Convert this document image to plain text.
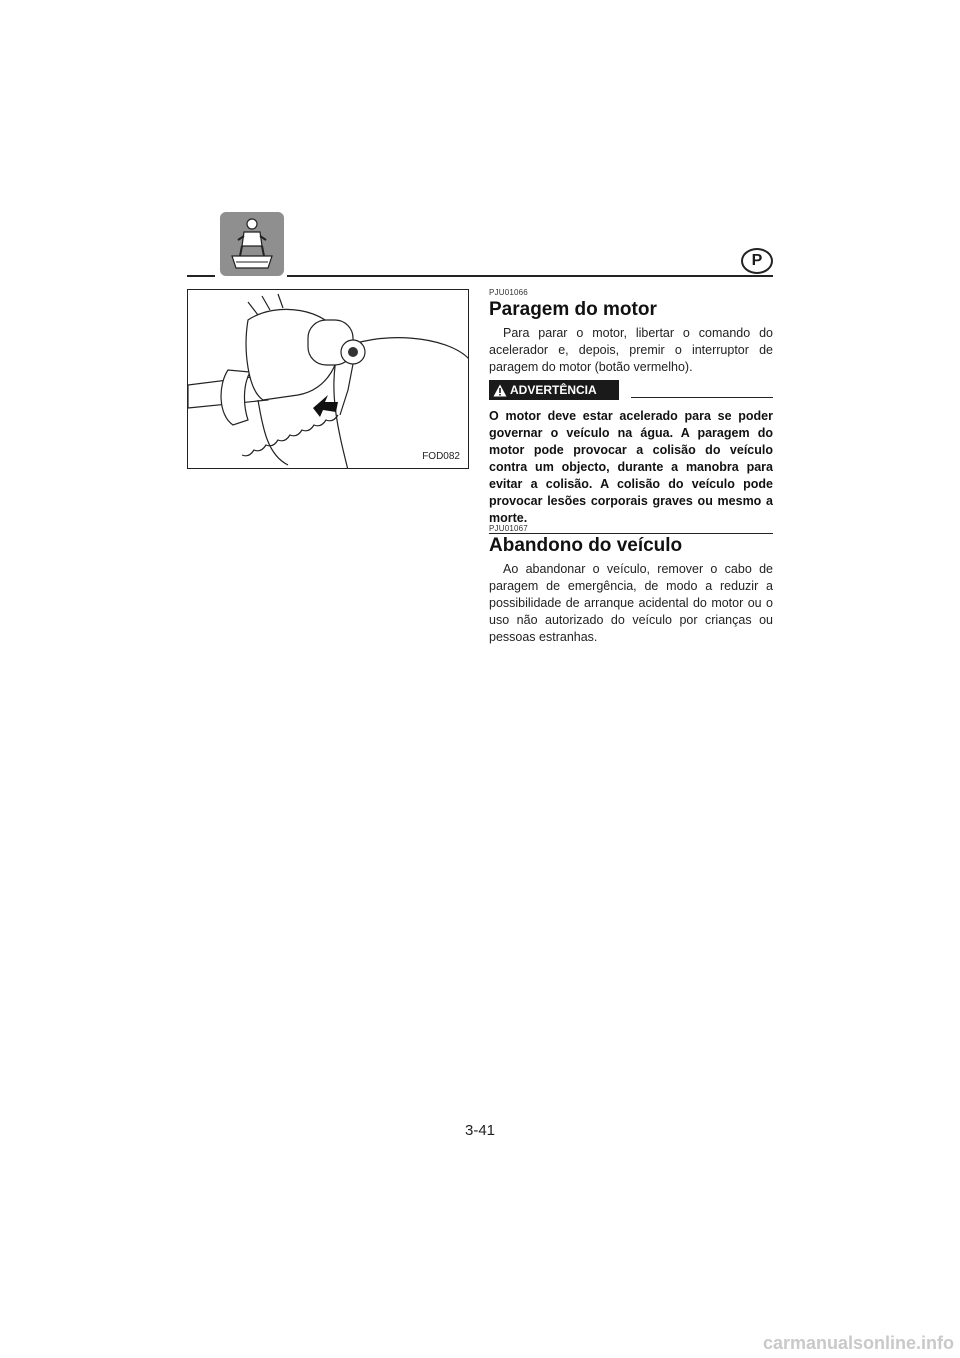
P
FOD082
PJU01066
Paragem do motor

Para parar o motor, libertar o comando do acelerador e, depois, premir o interruptor de paragem do motor (botão vermelho).

ADVERTÊNCIA

O motor deve estar acelerado para se poder governar o veículo na água. A paragem do motor pode provocar a colisão do veículo contra um objecto, durante a manobra para evitar a colisão. A colisão do veículo pode provocar lesões corporais graves ou mesmo a morte.

PJU01067
Abandono do veículo

Ao abandonar o veículo, remover o cabo de paragem de emergência, de modo a reduzir a possibilidade de arranque acidental do motor ou o uso não autorizado do veículo por crianças ou pessoas estranhas.

3-41
carmanualsonline.info
